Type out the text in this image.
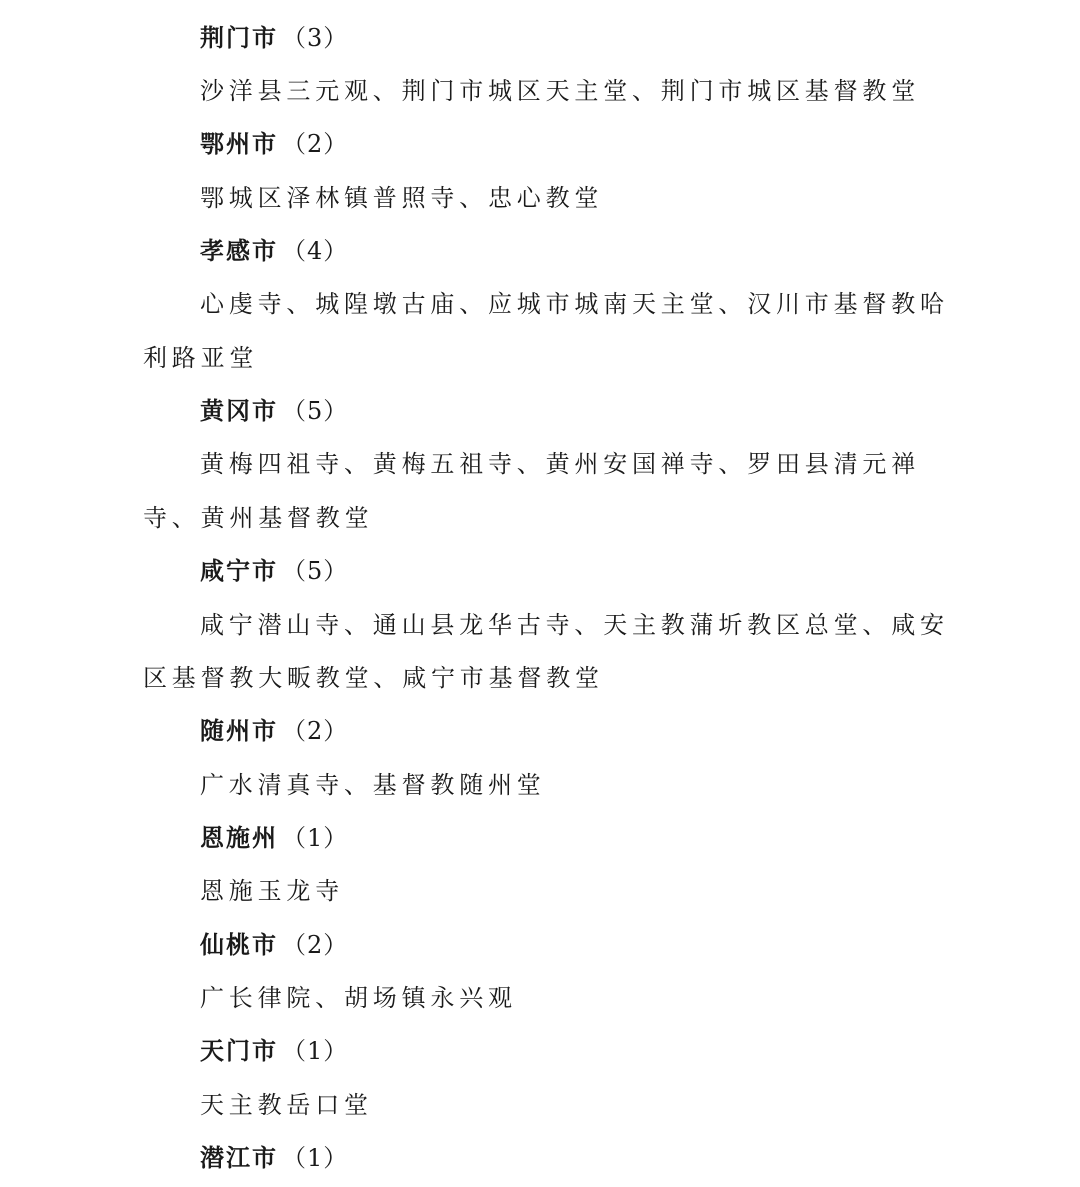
荆门市 （3）
沙洋县三元观、荆门市城区天主堂、荆门市城区基督教堂
鄂州市 （2）
鄂城区泽林镇普照寺、忠心教堂
孝感市 （4）
心虔寺、城隍墩古庙、应城市城南天主堂、汉川市基督教哈
利路亚堂
黄冈市 （5）
黄梅四祖寺、黄梅五祖寺、黄州安国禅寺、罗田县清元禅
寺、黄州基督教堂
咸宁市 （5）
咸宁潜山寺、通山县龙华古寺、天主教蒲圻教区总堂、咸安
区基督教大畈教堂、咸宁市基督教堂
随州市 （2）
广水清真寺、基督教随州堂
恩施州 （1）
恩施玉龙寺
仙桃市 （2）
广长律院、胡场镇永兴观
天门市 （1）
天主教岳口堂
潜江市 （1）
